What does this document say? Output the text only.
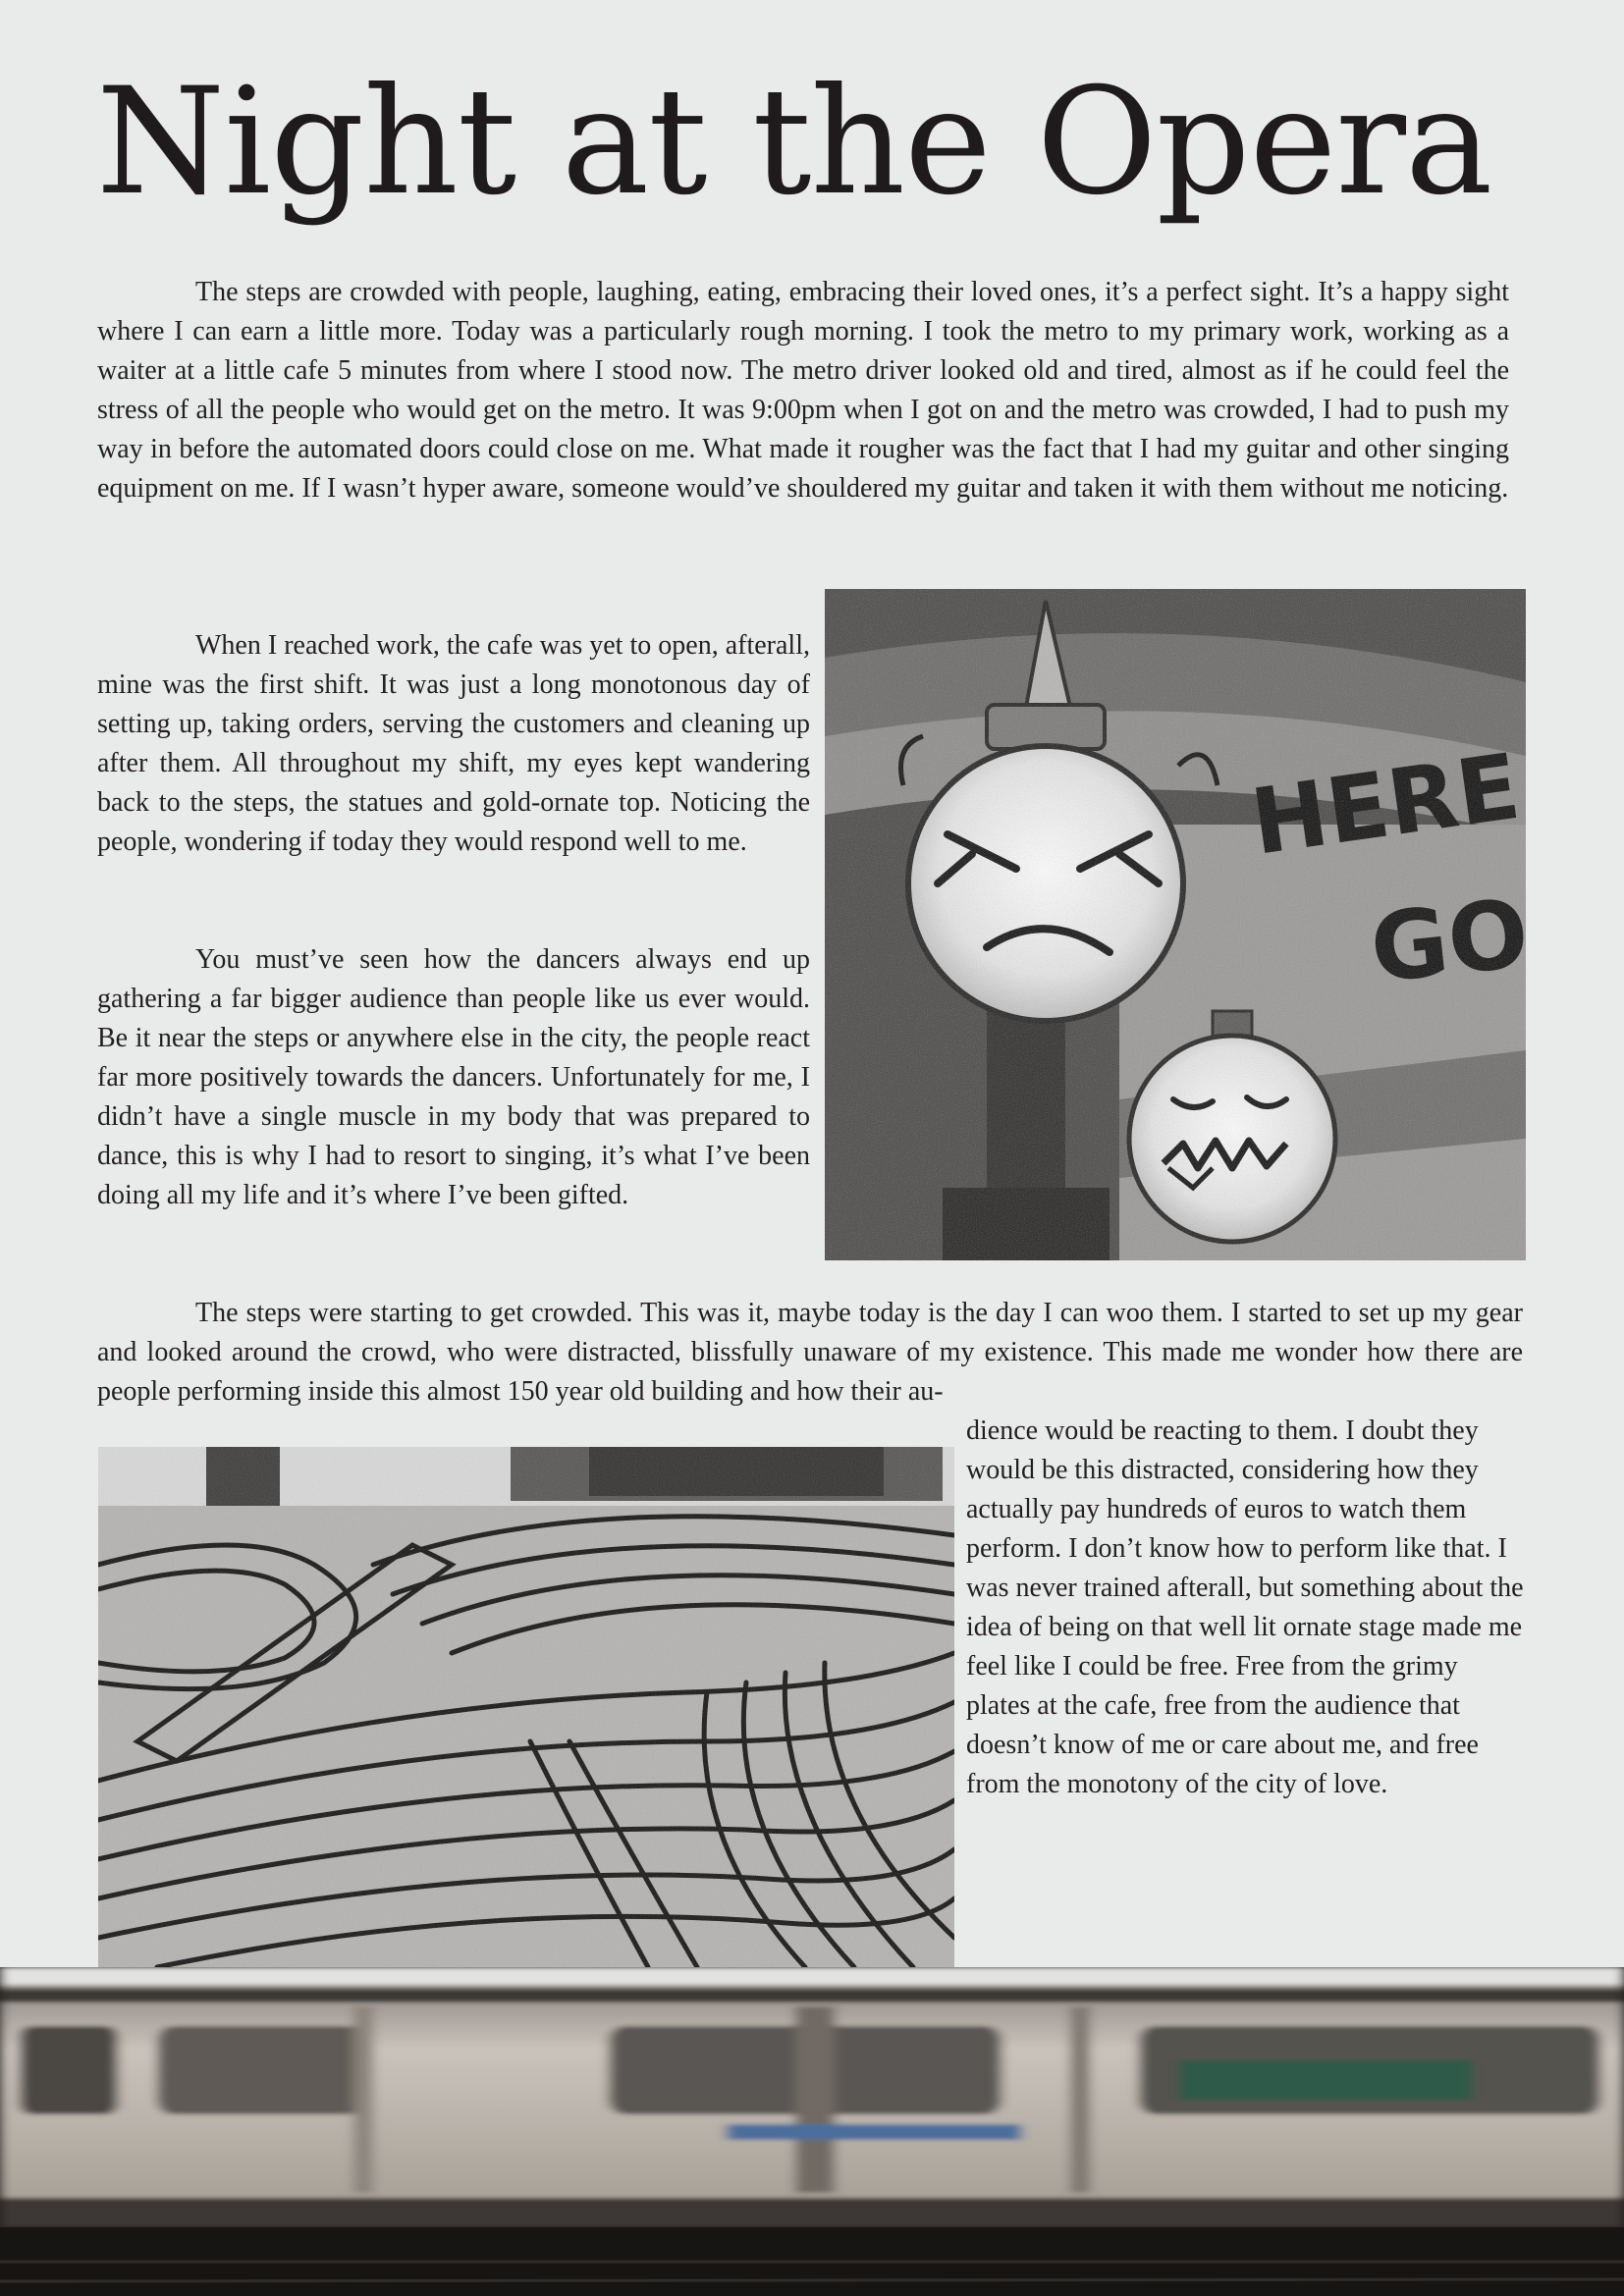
Night at the Opera

The steps are crowded with people, laughing, eating, embracing their loved ones, it’s a perfect sight. It’s a happy sight where I can earn a little more. Today was a particularly rough morning. I took the metro to my primary work, working as a waiter at a little cafe 5 minutes from where I stood now. The metro driver looked old and tired, almost as if he could feel the stress of all the people who would get on the metro. It was 9:00pm when I got on and the metro was crowded, I had to push my way in before the automated doors could close on me. What made it rougher was the fact that I had my guitar and other singing equipment on me. If I wasn’t hyper aware, someone would’ve shouldered my guitar and taken it with them without me noticing.

When I reached work, the cafe was yet to open, afterall, mine was the first shift. It was just a long monotonous day of setting up, taking orders, serving the customers and cleaning up after them. All throughout my shift, my eyes kept wandering back to the steps, the statues and gold-ornate top. Noticing the people, wondering if today they would respond well to me.

You must’ve seen how the dancers always end up gathering a far bigger audience than people like us ever would. Be it near the steps or anywhere else in the city, the people react far more positively towards the dancers. Unfortunately for me, I didn’t have a single muscle in my body that was prepared to dance, this is why I had to resort to singing, it’s what I’ve been doing all my life and it’s where I’ve been gifted.

The steps were starting to get crowded. This was it, maybe today is the day I can woo them. I started to set up my gear and looked around the crowd, who were distracted, blissfully unaware of my existence. This made me wonder how there are people performing inside this almost 150 year old building and how their au-

dience would be reacting to them. I doubt they would be this distracted, considering how they actually pay hundreds of euros to watch them perform. I don’t know how to perform like that. I was never trained afterall, but something about the idea of being on that well lit ornate stage made me feel like I could be free. Free from the grimy plates at the cafe, free from the audience that doesn’t know of me or care about me, and free from the monotony of the city of love.
